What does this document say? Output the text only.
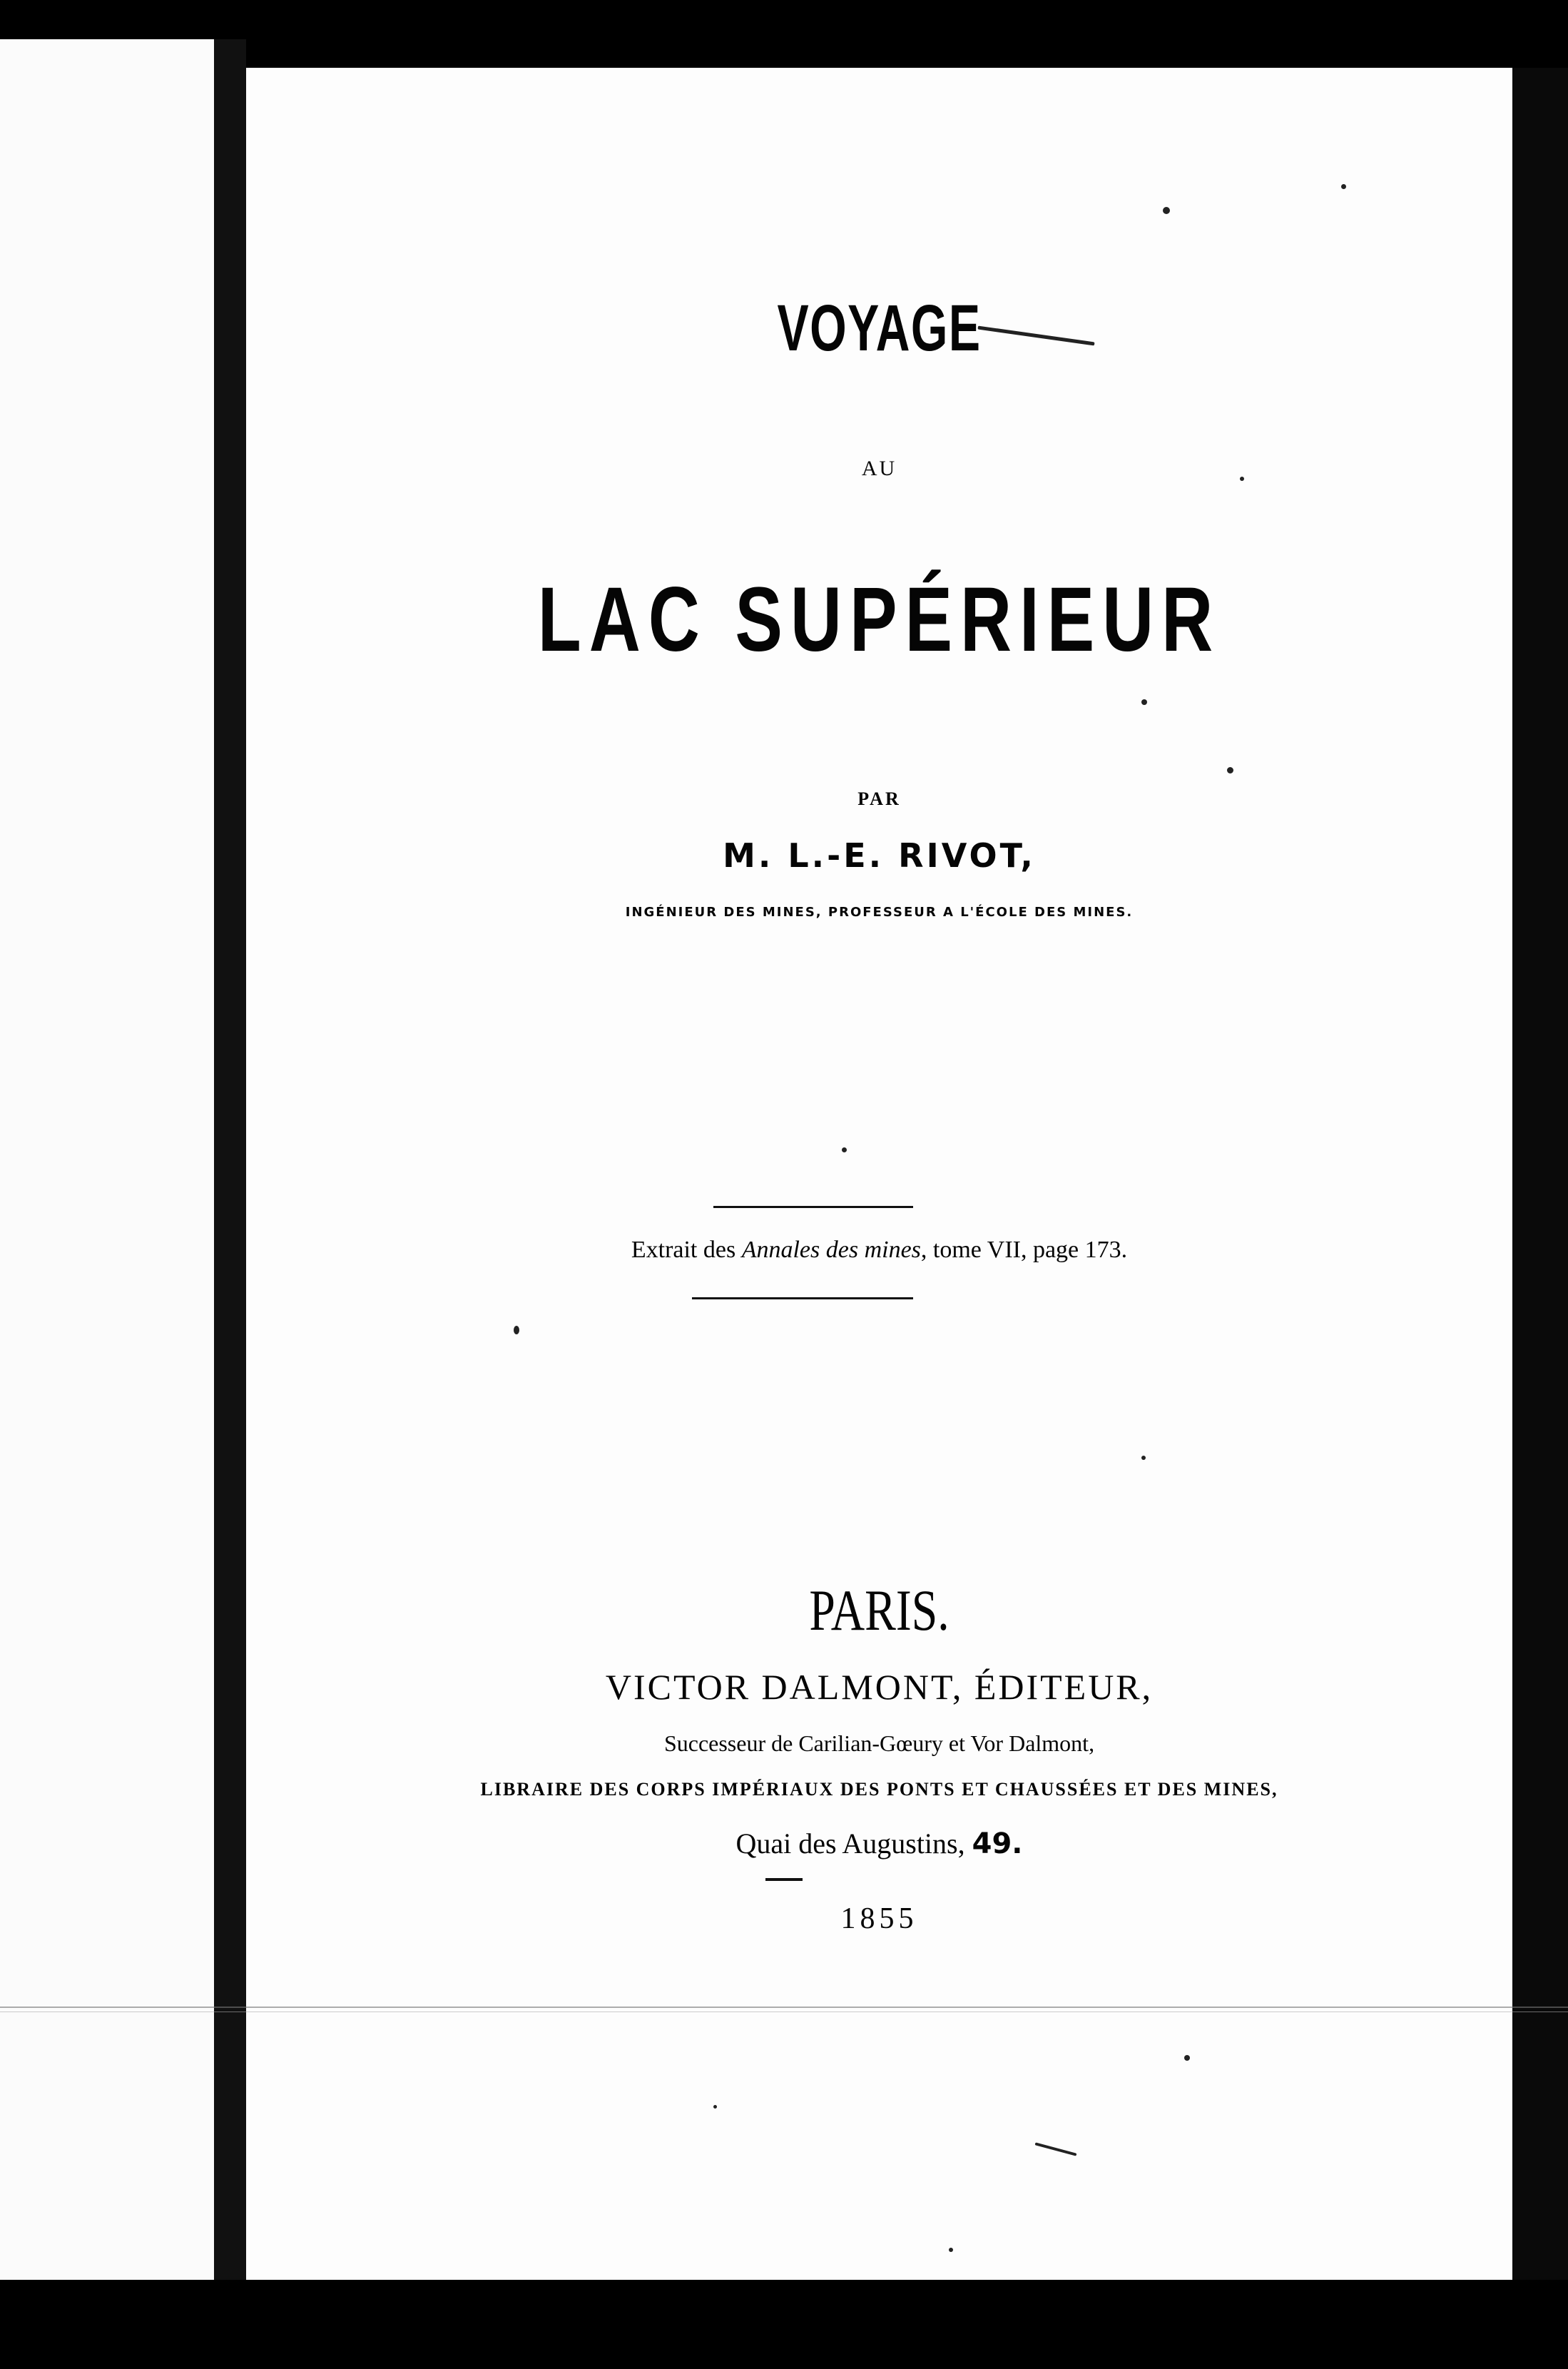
VOYAGE
AU
LAC SUPÉRIEUR
PAR
M. L.-E. RIVOT,
INGÉNIEUR DES MINES, PROFESSEUR A L'ÉCOLE DES MINES.
Extrait des Annales des mines, tome VII, page 173.
PARIS.
VICTOR DALMONT, ÉDITEUR,
Successeur de Carilian-Gœury et Vor Dalmont,
LIBRAIRE DES CORPS IMPÉRIAUX DES PONTS ET CHAUSSÉES ET DES MINES,
Quai des Augustins, 49.
1855
